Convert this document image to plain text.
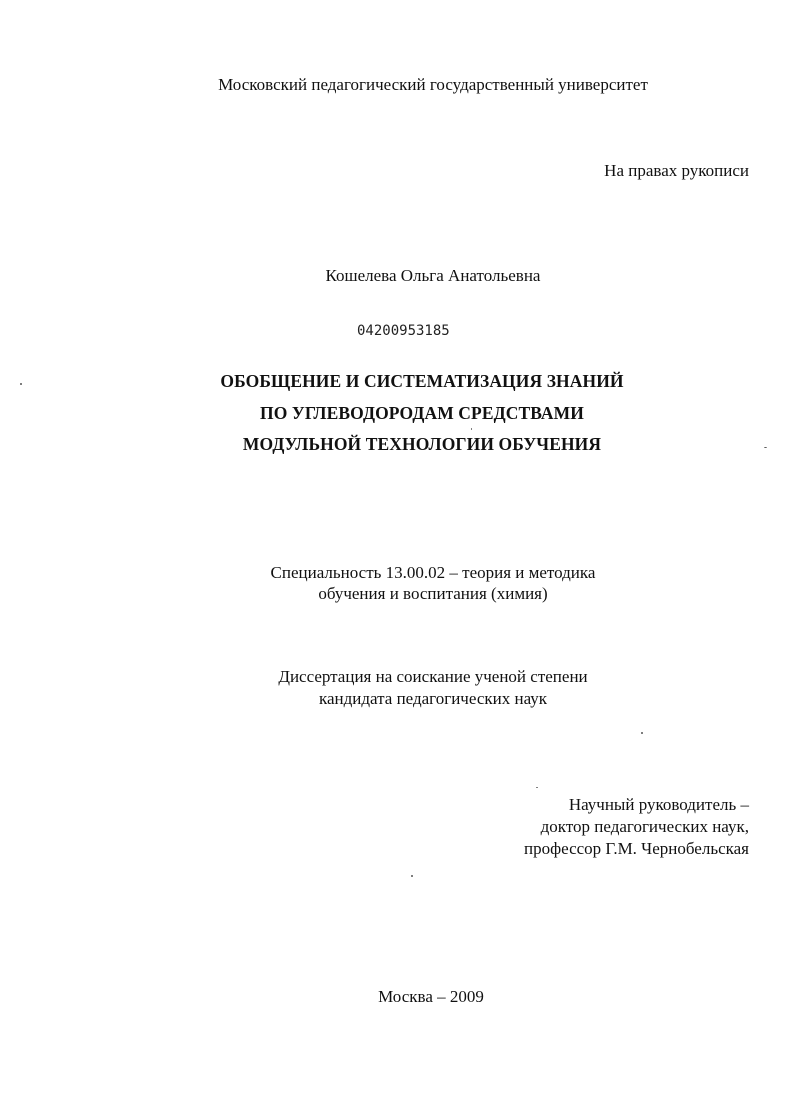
Московский педагогический государственный университет
На правах рукописи
Кошелева Ольга Анатольевна
04200953185
ОБОБЩЕНИЕ И СИСТЕМАТИЗАЦИЯ ЗНАНИЙ
ПО УГЛЕВОДОРОДАМ СРЕДСТВАМИ
МОДУЛЬНОЙ ТЕХНОЛОГИИ ОБУЧЕНИЯ
Специальность 13.00.02 – теория и методика
обучения и воспитания (химия)
Диссертация на соискание ученой степени
кандидата педагогических наук
Научный руководитель –
доктор педагогических наук,
профессор Г.М. Чернобельская
Москва – 2009
